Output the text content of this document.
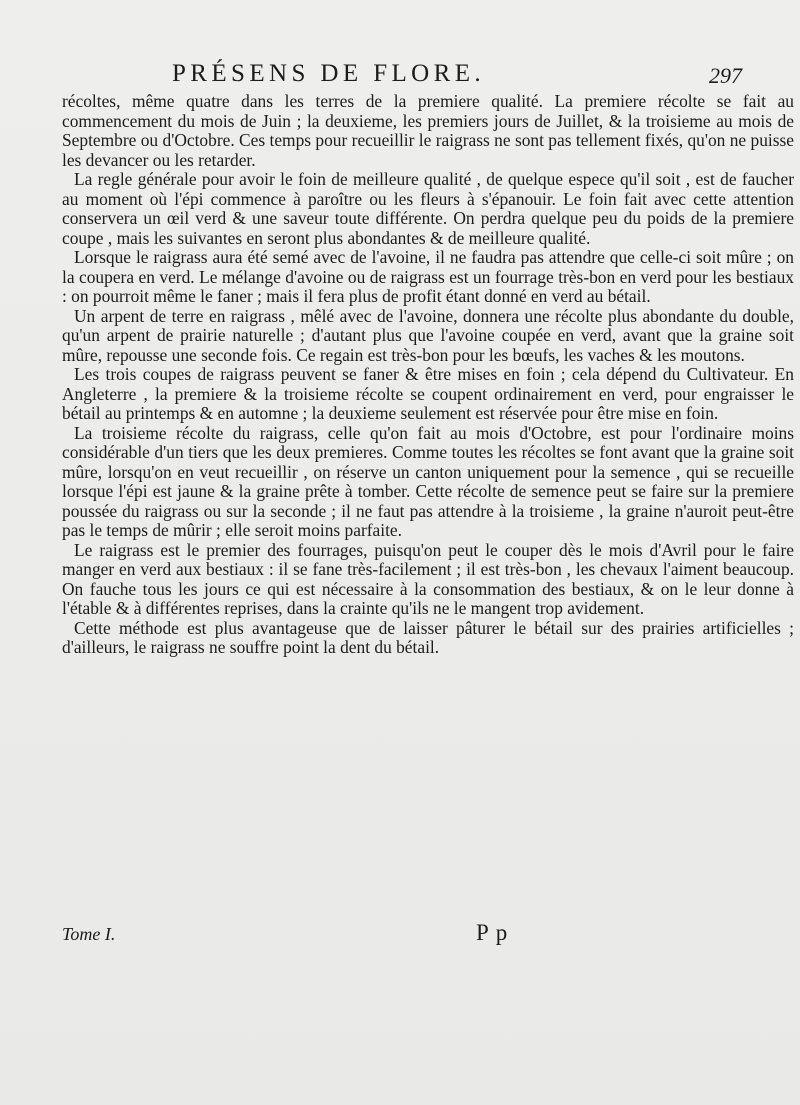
PRÉSENS DE FLORE.	297

récoltes, même quatre dans les terres de la premiere qualité. La premiere récolte se fait au commencement du mois de Juin ; la deuxieme, les premiers jours de Juillet, & la troisieme au mois de Septembre ou d'Octobre. Ces temps pour recueillir le raigrass ne sont pas tellement fixés, qu'on ne puisse les devancer ou les retarder.

La regle générale pour avoir le foin de meilleure qualité , de quelque espece qu'il soit , est de faucher au moment où l'épi commence à paroître ou les fleurs à s'épanouir. Le foin fait avec cette attention conservera un œil verd & une saveur toute différente. On perdra quelque peu du poids de la premiere coupe , mais les suivantes en seront plus abondantes & de meilleure qualité.

Lorsque le raigrass aura été semé avec de l'avoine, il ne faudra pas attendre que celle-ci soit mûre ; on la coupera en verd. Le mélange d'avoine ou de raigrass est un fourrage très-bon en verd pour les bestiaux : on pourroit même le faner ; mais il fera plus de profit étant donné en verd au bétail.

Un arpent de terre en raigrass , mêlé avec de l'avoine, donnera une récolte plus abondante du double, qu'un arpent de prairie naturelle ; d'autant plus que l'avoine coupée en verd, avant que la graine soit mûre, repousse une seconde fois. Ce regain est très-bon pour les bœufs, les vaches & les moutons.

Les trois coupes de raigrass peuvent se faner & être mises en foin ; cela dépend du Cultivateur. En Angleterre , la premiere & la troisieme récolte se coupent ordinairement en verd, pour engraisser le bétail au printemps & en automne ; la deuxieme seulement est réservée pour être mise en foin.

La troisieme récolte du raigrass, celle qu'on fait au mois d'Octobre, est pour l'ordinaire moins considérable d'un tiers que les deux premieres. Comme toutes les récoltes se font avant que la graine soit mûre, lorsqu'on en veut recueillir , on réserve un canton uniquement pour la semence , qui se recueille lorsque l'épi est jaune & la graine prête à tomber. Cette récolte de semence peut se faire sur la premiere poussée du raigrass ou sur la seconde ; il ne faut pas attendre à la troisieme , la graine n'auroit peut-être pas le temps de mûrir ; elle seroit moins parfaite.

Le raigrass est le premier des fourrages, puisqu'on peut le couper dès le mois d'Avril pour le faire manger en verd aux bestiaux : il se fane très-facilement ; il est très-bon , les chevaux l'aiment beaucoup. On fauche tous les jours ce qui est nécessaire à la consommation des bestiaux, & on le leur donne à l'étable & à différentes reprises, dans la crainte qu'ils ne le mangent trop avidement.

Cette méthode est plus avantageuse que de laisser pâturer le bétail sur des prairies artificielles ; d'ailleurs, le raigrass ne souffre point la dent du bétail.

Tome I.	P p
